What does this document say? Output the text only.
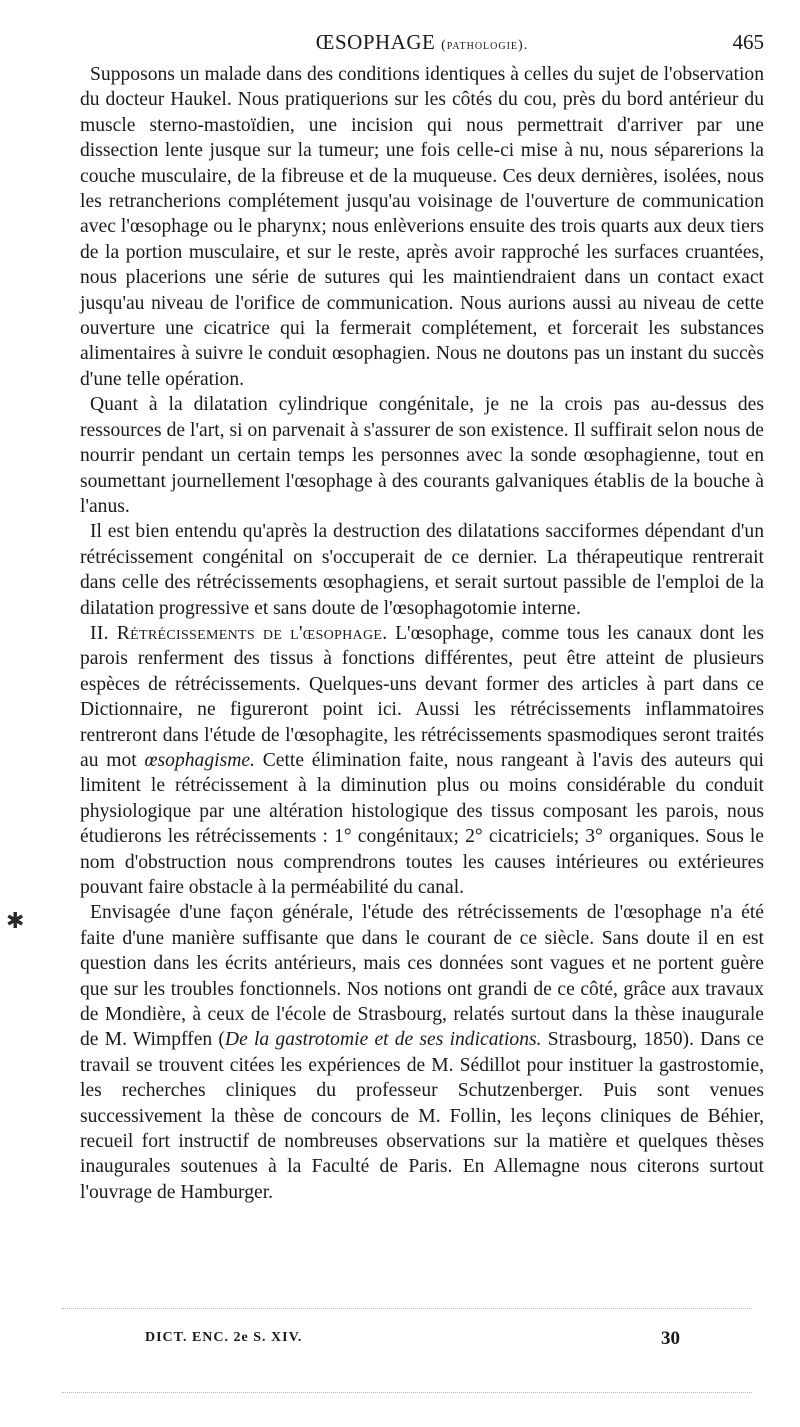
ŒSOPHAGE (pathologie).	465

Supposons un malade dans des conditions identiques à celles du sujet de l'observation du docteur Haukel. Nous pratiquerions sur les côtés du cou, près du bord antérieur du muscle sterno-mastoïdien, une incision qui nous permettrait d'arriver par une dissection lente jusque sur la tumeur; une fois celle-ci mise à nu, nous séparerions la couche musculaire, de la fibreuse et de la muqueuse. Ces deux dernières, isolées, nous les retrancherions complétement jusqu'au voisinage de l'ouverture de communication avec l'œsophage ou le pharynx; nous enlèverions ensuite des trois quarts aux deux tiers de la portion musculaire, et sur le reste, après avoir rapproché les surfaces cruantées, nous placerions une série de sutures qui les maintiendraient dans un contact exact jusqu'au niveau de l'orifice de communication. Nous aurions aussi au niveau de cette ouverture une cicatrice qui la fermerait complétement, et forcerait les substances alimentaires à suivre le conduit œsophagien. Nous ne doutons pas un instant du succès d'une telle opération.

Quant à la dilatation cylindrique congénitale, je ne la crois pas au-dessus des ressources de l'art, si on parvenait à s'assurer de son existence. Il suffirait selon nous de nourrir pendant un certain temps les personnes avec la sonde œsophagienne, tout en soumettant journellement l'œsophage à des courants galvaniques établis de la bouche à l'anus.

Il est bien entendu qu'après la destruction des dilatations sacciformes dépendant d'un rétrécissement congénital on s'occuperait de ce dernier. La thérapeutique rentrerait dans celle des rétrécissements œsophagiens, et serait surtout passible de l'emploi de la dilatation progressive et sans doute de l'œsophagotomie interne.

II. Rétrécissements de l'œsophage. L'œsophage, comme tous les canaux dont les parois renferment des tissus à fonctions différentes, peut être atteint de plusieurs espèces de rétrécissements. Quelques-uns devant former des articles à part dans ce Dictionnaire, ne figureront point ici. Aussi les rétrécissements inflammatoires rentreront dans l'étude de l'œsophagite, les rétrécissements spasmodiques seront traités au mot œsophagisme. Cette élimination faite, nous rangeant à l'avis des auteurs qui limitent le rétrécissement à la diminution plus ou moins considérable du conduit physiologique par une altération histologique des tissus composant les parois, nous étudierons les rétrécissements : 1° congénitaux; 2° cicatriciels; 3° organiques. Sous le nom d'obstruction nous comprendrons toutes les causes intérieures ou extérieures pouvant faire obstacle à la perméabilité du canal.

Envisagée d'une façon générale, l'étude des rétrécissements de l'œsophage n'a été faite d'une manière suffisante que dans le courant de ce siècle. Sans doute il en est question dans les écrits antérieurs, mais ces données sont vagues et ne portent guère que sur les troubles fonctionnels. Nos notions ont grandi de ce côté, grâce aux travaux de Mondière, à ceux de l'école de Strasbourg, relatés surtout dans la thèse inaugurale de M. Wimpffen (De la gastrotomie et de ses indications. Strasbourg, 1850). Dans ce travail se trouvent citées les expériences de M. Sédillot pour instituer la gastrostomie, les recherches cliniques du professeur Schutzenberger. Puis sont venues successivement la thèse de concours de M. Follin, les leçons cliniques de Béhier, recueil fort instructif de nombreuses observations sur la matière et quelques thèses inaugurales soutenues à la Faculté de Paris. En Allemagne nous citerons surtout l'ouvrage de Hamburger.

✱
DICT. ENC. 2e S. XIV.	30
